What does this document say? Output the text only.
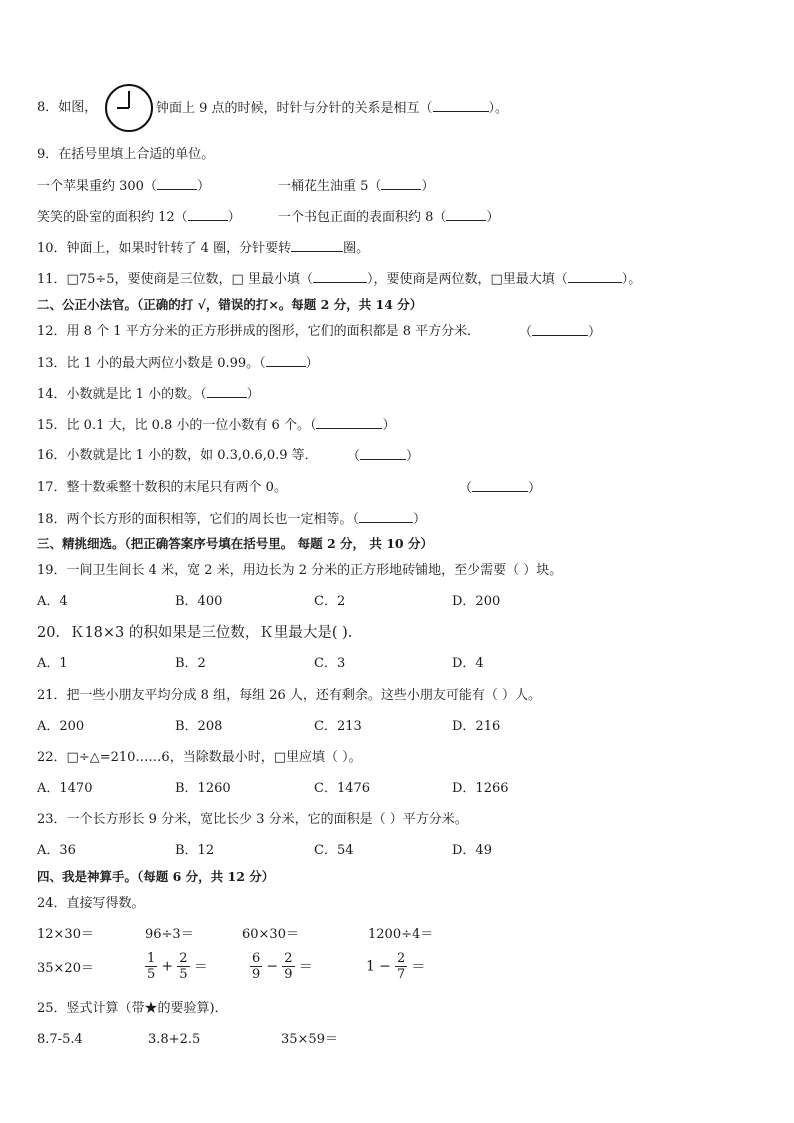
8．如图，	钟面上 9 点的时候，时针与分针的关系是相互（	）。
9．在括号里填上合适的单位。
一个苹果重约 300（	）	一桶花生油重 5（	）
笑笑的卧室的面积约 12（	）	一个书包正面的表面积约 8（	）
10．钟面上，如果时针转了 4 圈，分针要转	圈。
11．□75÷5，要使商是三位数，□ 里最小填（	），要使商是两位数，□里最大填（	）。
二、公正小法官。（正确的打 √，错误的打×。每题 2 分，共 14 分）
12．用 8 个 1 平方分米的正方形拼成的图形，它们的面积都是 8 平方分米．	（	）
13．比 1 小的最大两位小数是 0.99。（	）
14．小数就是比 1 小的数。（	）
15．比 0.1 大，比 0.8 小的一位小数有 6 个。（	）
16．小数就是比 1 小的数，如 0.3,0.6,0.9 等． （	）
17．整十数乘整十数积的末尾只有两个 0。	（	）
18．两个长方形的面积相等，它们的周长也一定相等。（	）
三、精挑细选。（把正确答案序号填在括号里。 每题 2 分， 共 10 分）
19．一间卫生间长 4 米，宽 2 米，用边长为 2 分米的正方形地砖铺地，至少需要（ ）块。
A．4	B．400	C．2	D．200
20．Ｋ18×3 的积如果是三位数，Ｋ里最大是( ).
A．1	B．2	C．3	D．4
21．把一些小朋友平均分成 8 组，每组 26 人，还有剩余。这些小朋友可能有（ ）人。
A．200	B．208	C．213	D．216
22．□÷△=210……6，当除数最小时，□里应填（ ）。
A．1470	B．1260	C．1476	D．1266
23．一个长方形长 9 分米，宽比长少 3 分米，它的面积是（ ）平方分米。
A．36	B．12	C．54	D．49
四、我是神算手。（每题 6 分，共 12 分）
24．直接写得数。
12×30＝	96÷3＝	60×30＝	1200÷4＝
35×20＝	$\frac{1}{5} + \frac{2}{5}$ ＝	$\frac{6}{9} - \frac{2}{9}$ ＝	$1 - \frac{2}{7}$ ＝
25．竖式计算（带★的要验算)．
8.7-5.4	3.8+2.5	35×59＝
